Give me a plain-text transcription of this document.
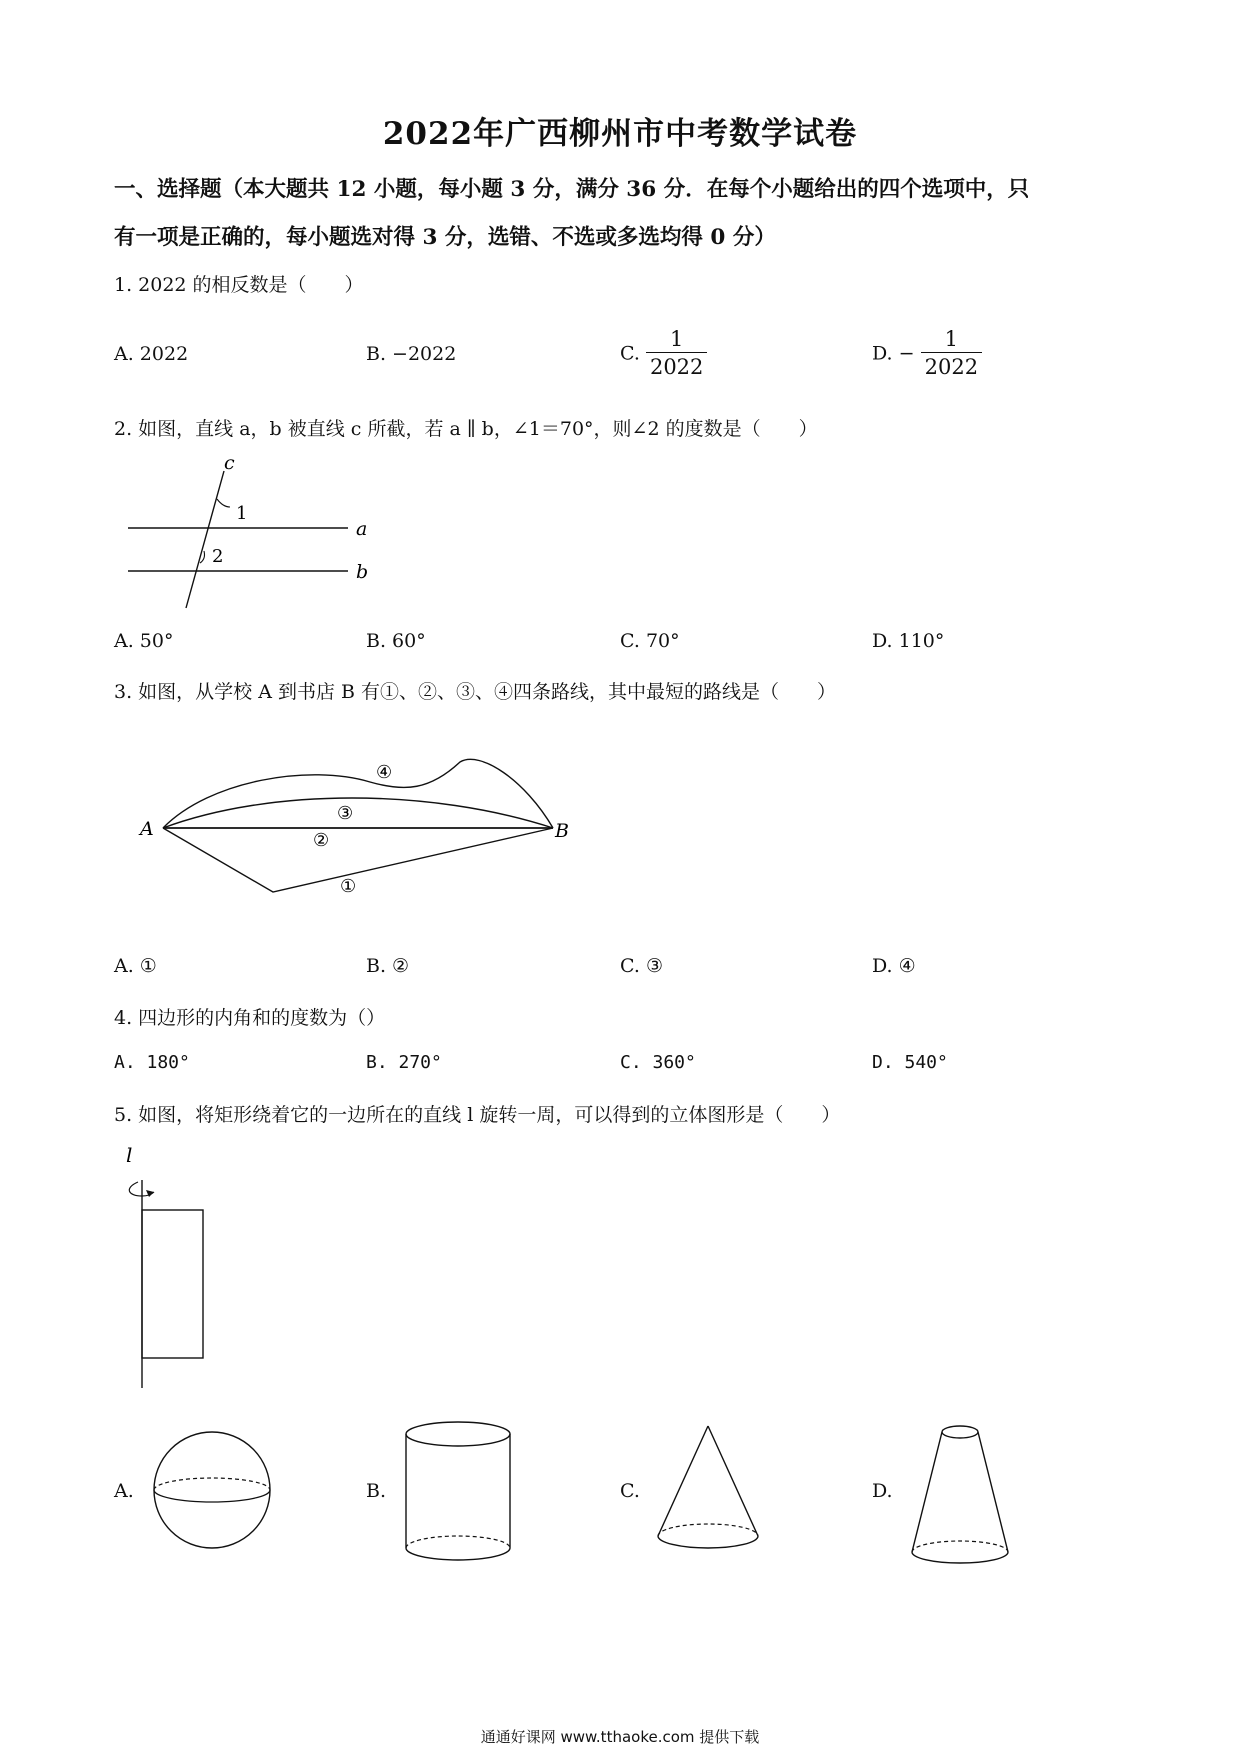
2022年广西柳州市中考数学试卷
一、选择题（本大题共 12 小题，每小题 3 分，满分 36 分．在每个小题给出的四个选项中，只
有一项是正确的，每小题选对得 3 分，选错、不选或多选均得 0 分）
1. 2022 的相反数是（　　）
A. 2022	B. −2022	C. $\frac{1}{2022}$	D. − $\frac{1}{2022}$
2. 如图，直线 a，b 被直线 c 所截，若 a ∥ b，∠1＝70°，则∠2 的度数是（　　）
c
a
b
1
2
A. 50°	B. 60°	C. 70°	D. 110°
3. 如图，从学校 A 到书店 B 有①、②、③、④四条路线，其中最短的路线是（　　）
A	B
④
③
②
①
A. ①	B. ②	C. ③	D. ④
4. 四边形的内角和的度数为（）
A. 180°	B. 270°	C. 360°	D. 540°
5. 如图，将矩形绕着它的一边所在的直线 l 旋转一周，可以得到的立体图形是（　　）
l
A.	B.	C.	D.
通通好课网 www.tthaoke.com 提供下载
